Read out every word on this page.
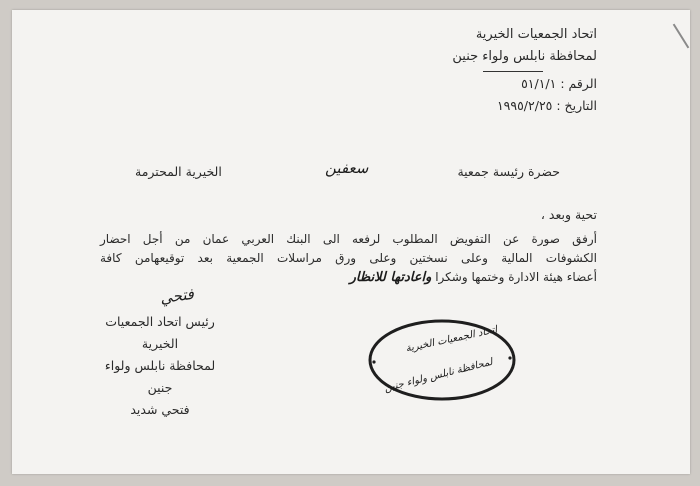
اتحاد الجمعيات الخيرية
لمحافظة نابلس ولواء جنين
الرقم : ٥١/١/١
التاريخ : ١٩٩٥/٢/٢٥
حضرة رئيسة جمعية
سعفين
الخيرية المحترمة
تحية وبعد ،
أرفق صورة عن التفويض المطلوب لرفعه الى البنك العربي عمان من أجل احضار
الكشوفات المالية وعلى نسختين وعلى ورق مراسلات الجمعية بعد توقيعهامن كافة
أعضاء هيئة الادارة وختمها وشكرا واعادتها للانظار
فتحي
رئيس اتحاد الجمعيات الخيرية
لمحافظة نابلس ولواء جنين
فتحي شديد
اتحاد الجمعيات الخيرية
لمحافظة نابلس ولواء جنين
